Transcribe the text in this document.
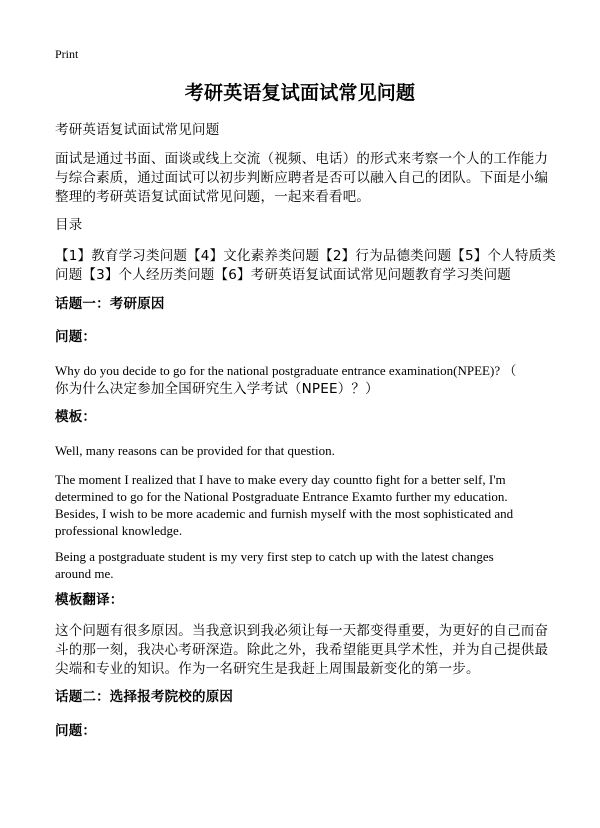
Print
考研英语复试面试常见问题
考研英语复试面试常见问题
面试是通过书面、面谈或线上交流（视频、电话）的形式来考察一个人的工作能力
与综合素质，通过面试可以初步判断应聘者是否可以融入自己的团队。下面是小编
整理的考研英语复试面试常见问题，一起来看看吧。
目录
【1】教育学习类问题【4】文化素养类问题【2】行为品德类问题【5】个人特质类
问题【3】个人经历类问题【6】考研英语复试面试常见问题教育学习类问题
话题一：考研原因
问题：
Why do you decide to go for the national postgraduate entrance examination(NPEE)? （
你为什么决定参加全国研究生入学考试（NPEE）？）
模板：
Well, many reasons can be provided for that question.
The moment I realized that I have to make every day countto fight for a better self, I'm
determined to go for the National Postgraduate Entrance Examto further my education.
Besides, I wish to be more academic and furnish myself with the most sophisticated and
professional knowledge.
Being a postgraduate student is my very first step to catch up with the latest changes
around me.
模板翻译：
这个问题有很多原因。当我意识到我必须让每一天都变得重要，为更好的自己而奋
斗的那一刻，我决心考研深造。除此之外，我希望能更具学术性，并为自己提供最
尖端和专业的知识。作为一名研究生是我赶上周围最新变化的第一步。
话题二：选择报考院校的原因
问题：
